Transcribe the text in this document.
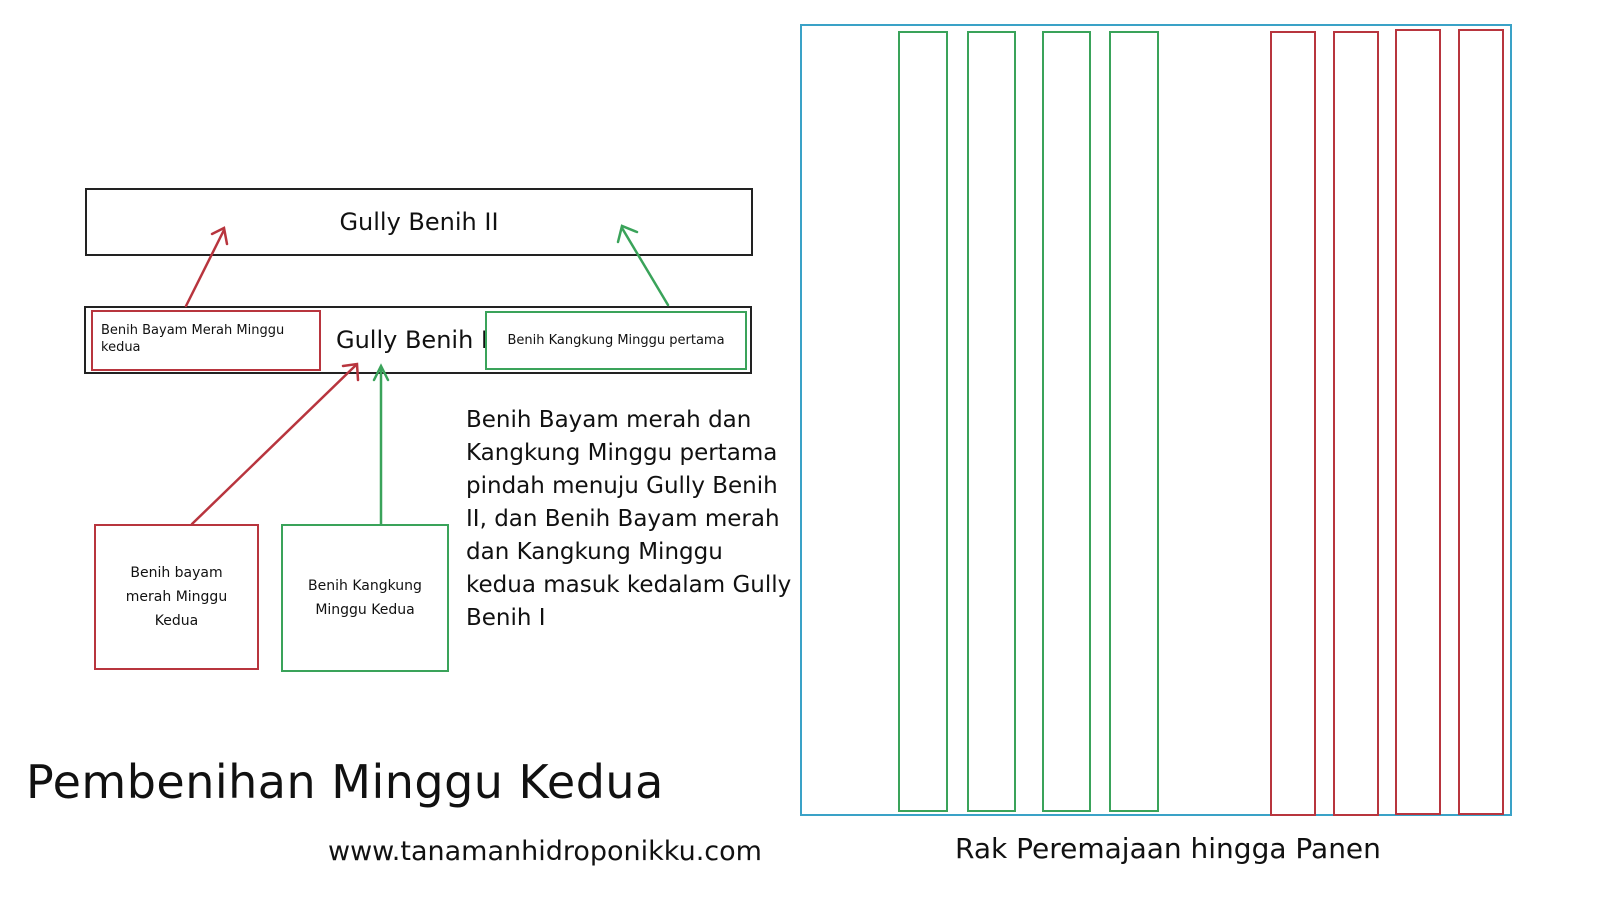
Gully Benih II
Gully Benih I
Benih Bayam Merah Minggu kedua	Benih Kangkung Minggu pertama
Benih bayam merah Minggu Kedua
Benih Kangkung Minggu Kedua
Benih Bayam merah dan Kangkung Minggu pertama pindah menuju Gully Benih II, dan Benih Bayam merah dan Kangkung Minggu kedua masuk kedalam Gully Benih I
Pembenihan Minggu Kedua
www.tanamanhidroponikku.com	Rak Peremajaan hingga Panen
